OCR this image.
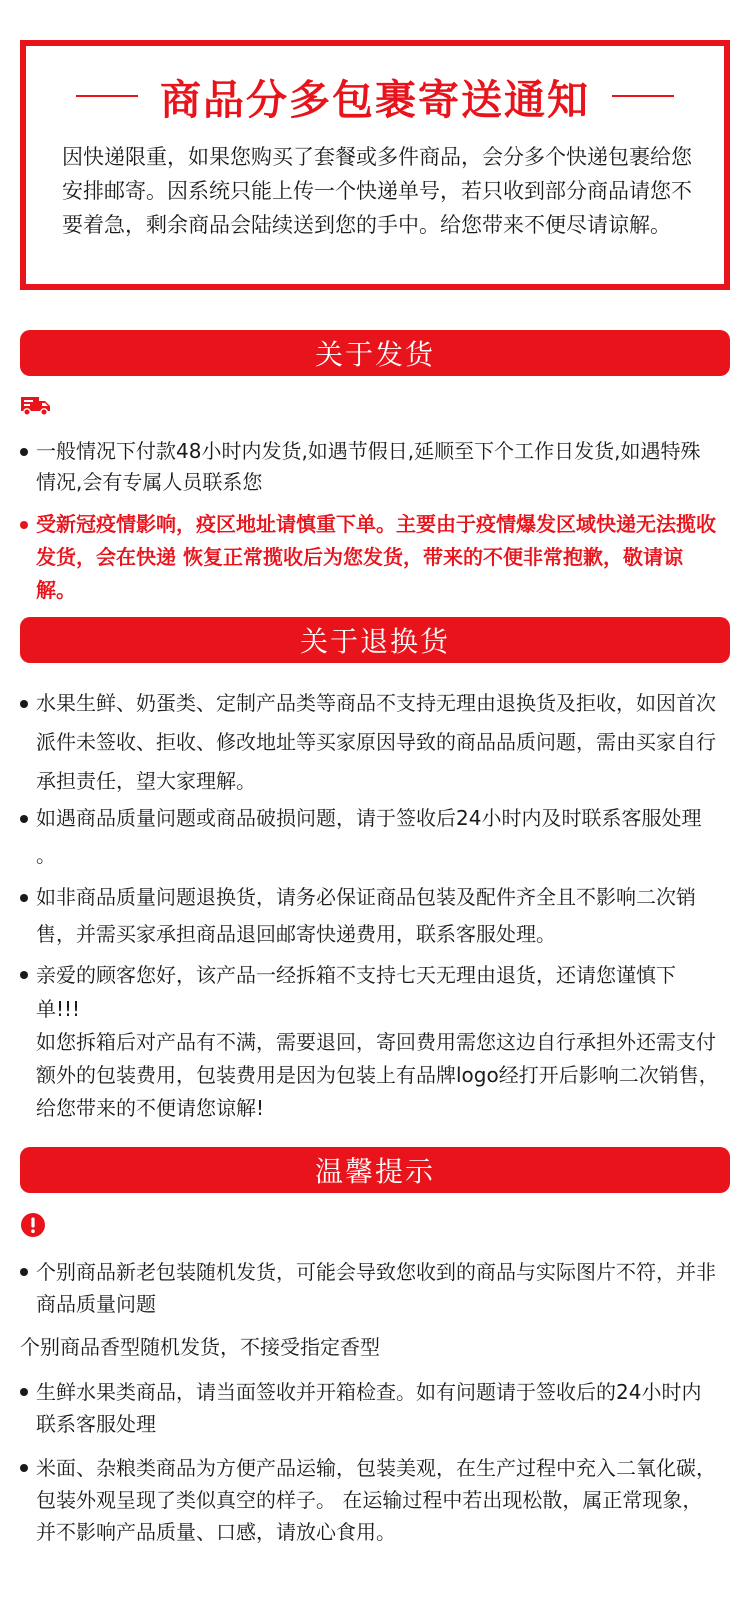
商品分多包裹寄送通知
因快递限重，如果您购买了套餐或多件商品，会分多个快递包裹给您安排邮寄。因系统只能上传一个快递单号，若只收到部分商品请您不要着急，剩余商品会陆续送到您的手中。给您带来不便尽请谅解。
关于发货
一般情况下付款48小时内发货,如遇节假日,延顺至下个工作日发货,如遇特殊情况,会有专属人员联系您
受新冠疫情影响，疫区地址请慎重下单。主要由于疫情爆发区域快递无法揽收发货，会在快递 恢复正常揽收后为您发货，带来的不便非常抱歉，敬请谅解。
关于退换货
水果生鲜、奶蛋类、定制产品类等商品不支持无理由退换货及拒收，如因首次派件未签收、拒收、修改地址等买家原因导致的商品品质问题，需由买家自行承担责任，望大家理解。
如遇商品质量问题或商品破损问题，请于签收后24小时内及时联系客服处理 。
如非商品质量问题退换货，请务必保证商品包装及配件齐全且不影响二次销售，并需买家承担商品退回邮寄快递费用，联系客服处理。
亲爱的顾客您好，该产品一经拆箱不支持七天无理由退货，还请您谨慎下单!!!
如您拆箱后对产品有不满，需要退回，寄回费用需您这边自行承担外还需支付额外的包装费用，包装费用是因为包装上有品牌logo经打开后影响二次销售，给您带来的不便请您谅解!
温馨提示
个别商品新老包装随机发货，可能会导致您收到的商品与实际图片不符，并非商品质量问题
个别商品香型随机发货，不接受指定香型
生鲜水果类商品，请当面签收并开箱检查。如有问题请于签收后的24小时内联系客服处理
米面、杂粮类商品为方便产品运输，包装美观，在生产过程中充入二氧化碳，包装外观呈现了类似真空的样子。 在运输过程中若出现松散，属正常现象，并不影响产品质量、口感，请放心食用。
